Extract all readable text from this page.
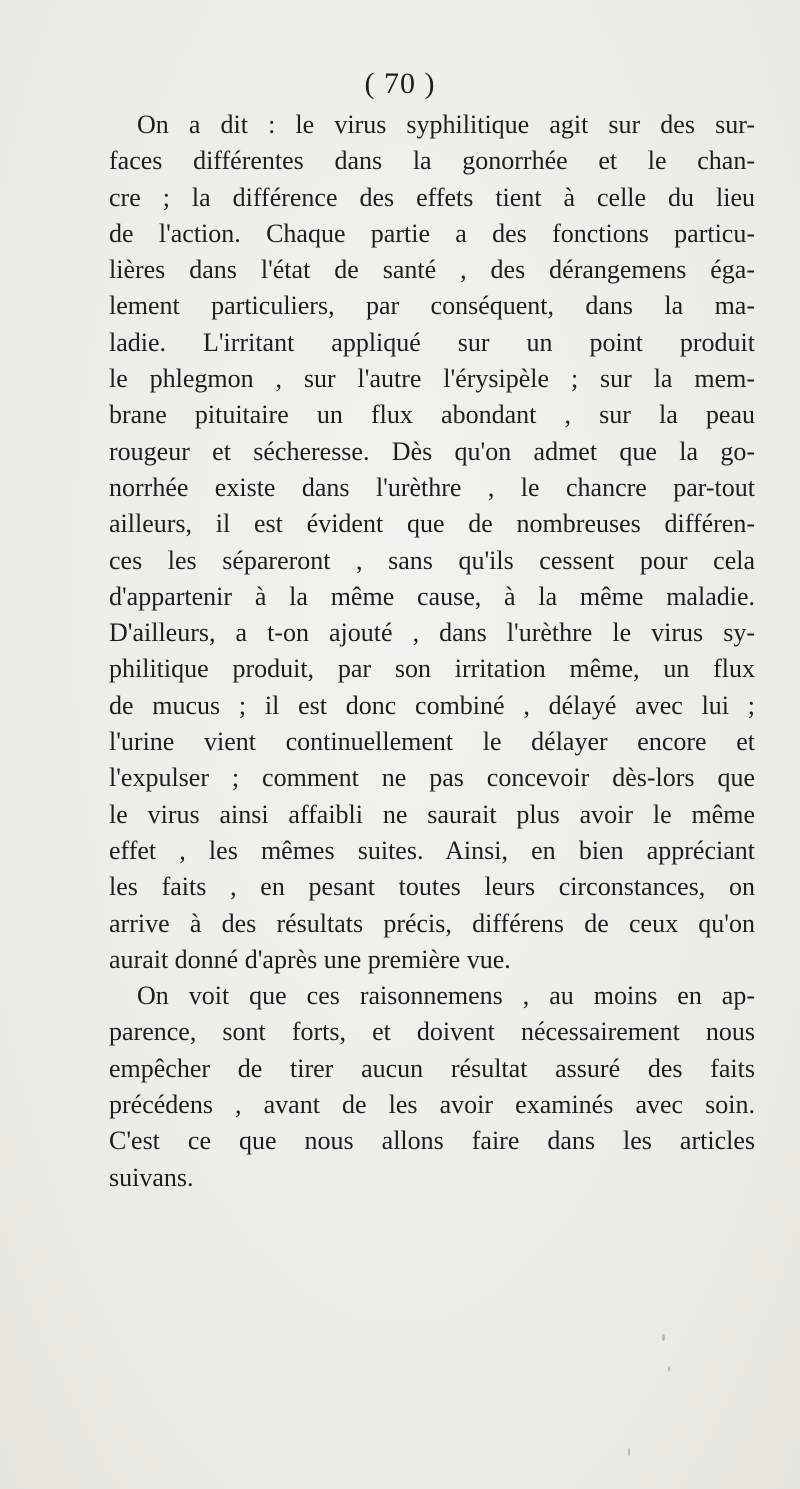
( 70 )
On a dit : le virus syphilitique agit sur des sur-
faces différentes dans la gonorrhée et le chan-
cre ; la différence des effets tient à celle du lieu
de l'action. Chaque partie a des fonctions particu-
lières dans l'état de santé , des dérangemens éga-
lement particuliers, par conséquent, dans la ma-
ladie. L'irritant appliqué sur un point produit
le phlegmon , sur l'autre l'érysipèle ; sur la mem-
brane pituitaire un flux abondant , sur la peau
rougeur et sécheresse. Dès qu'on admet que la go-
norrhée existe dans l'urèthre , le chancre par-tout
ailleurs, il est évident que de nombreuses différen-
ces les sépareront , sans qu'ils cessent pour cela
d'appartenir à la même cause, à la même maladie.
D'ailleurs, a t-on ajouté , dans l'urèthre le virus sy-
philitique produit, par son irritation même, un flux
de mucus ; il est donc combiné , délayé avec lui ;
l'urine vient continuellement le délayer encore et
l'expulser ; comment ne pas concevoir dès-lors que
le virus ainsi affaibli ne saurait plus avoir le même
effet , les mêmes suites. Ainsi, en bien appréciant
les faits , en pesant toutes leurs circonstances, on
arrive à des résultats précis, différens de ceux qu'on
aurait donné d'après une première vue.
On voit que ces raisonnemens , au moins en ap-
parence, sont forts, et doivent nécessairement nous
empêcher de tirer aucun résultat assuré des faits
précédens , avant de les avoir examinés avec soin.
C'est ce que nous allons faire dans les articles
suivans.
